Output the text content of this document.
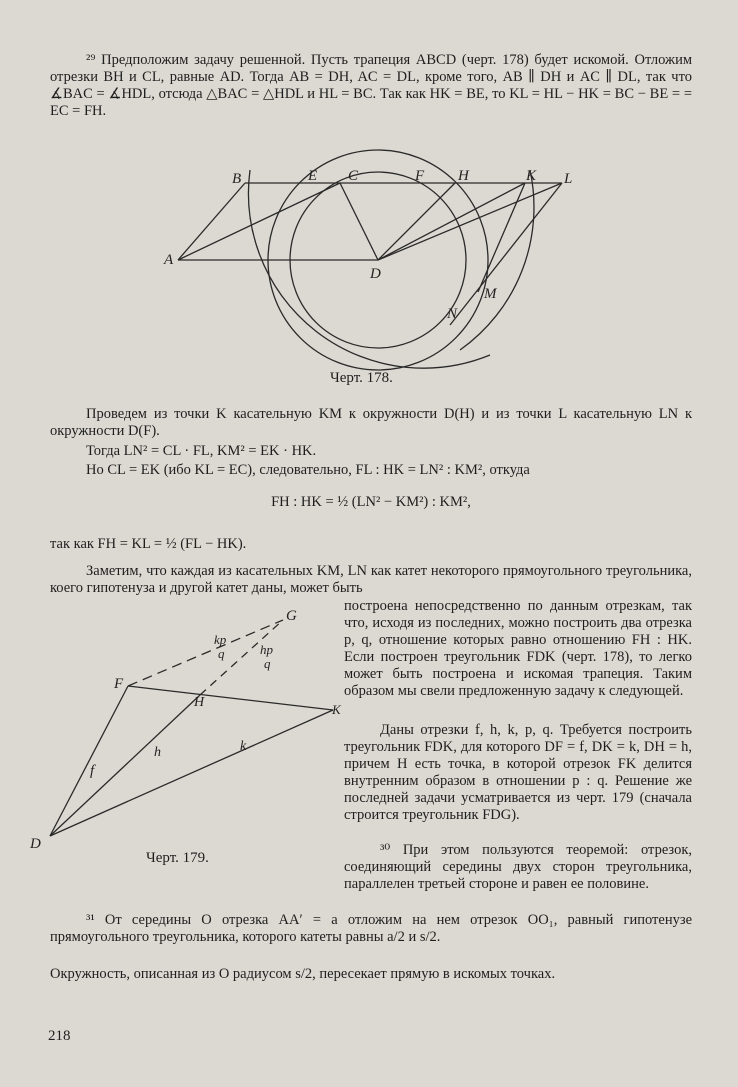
²⁹ Предположим задачу решенной. Пусть трапеция ABCD (черт. 178) будет искомой. Отложим отрезки BH и CL, равные AD. Тогда AB = DH, AC = DL, кроме того, AB ∥ DH и AC ∥ DL, так что ∡BAC = ∡HDL, отсюда △BAC = △HDL и HL = BC. Так как HK = BE, то KL = HL − HK = BC − BE = = EC = FH.

B	E C	F H	K L
A
D
M
N
Черт. 178.

Проведем из точки K касательную KM к окружности D(H) и из точки L касательную LN к окружности D(F).

Тогда LN² = CL · FL, KM² = EK · HK.

Но CL = EK (ибо KL = EC), следовательно, FL : HK = LN² : KM², откуда

FH : HK = ½ (LN² − KM²) : KM²,

так как FH = KL = ½ (FL − HK).

Заметим, что каждая из касательных KM, LN как катет некоторого прямоугольного треугольника, коего гипотенуза и другой катет даны, может быть

G
kp
q	hp
q
F
H	K
f
h	k
D
Черт. 179.

построена непосредственно по данным отрезкам, так что, исходя из последних, можно построить два отрезка p, q, отношение которых равно отношению FH : HK. Если построен треугольник FDK (черт. 178), то легко может быть построена и искомая трапеция. Таким образом мы свели предложенную задачу к следующей.

Даны отрезки f, h, k, p, q. Требуется построить треугольник FDK, для которого DF = f, DK = k, DH = h, причем H есть точка, в которой отрезок FK делится внутренним образом в отношении p : q. Решение же последней задачи усматривается из черт. 179 (сначала строится треугольник FDG).

³⁰ При этом пользуются теоремой: отрезок, соединяющий середины двух сторон треугольника, параллелен третьей стороне и равен ее половине.

³¹ От середины O отрезка AA′ = a отложим на нем отрезок OO₁, равный гипотенузе прямоугольного треугольника, которого катеты равны a/2 и s/2.

Окружность, описанная из O радиусом s/2, пересекает прямую в искомых точках.

218
